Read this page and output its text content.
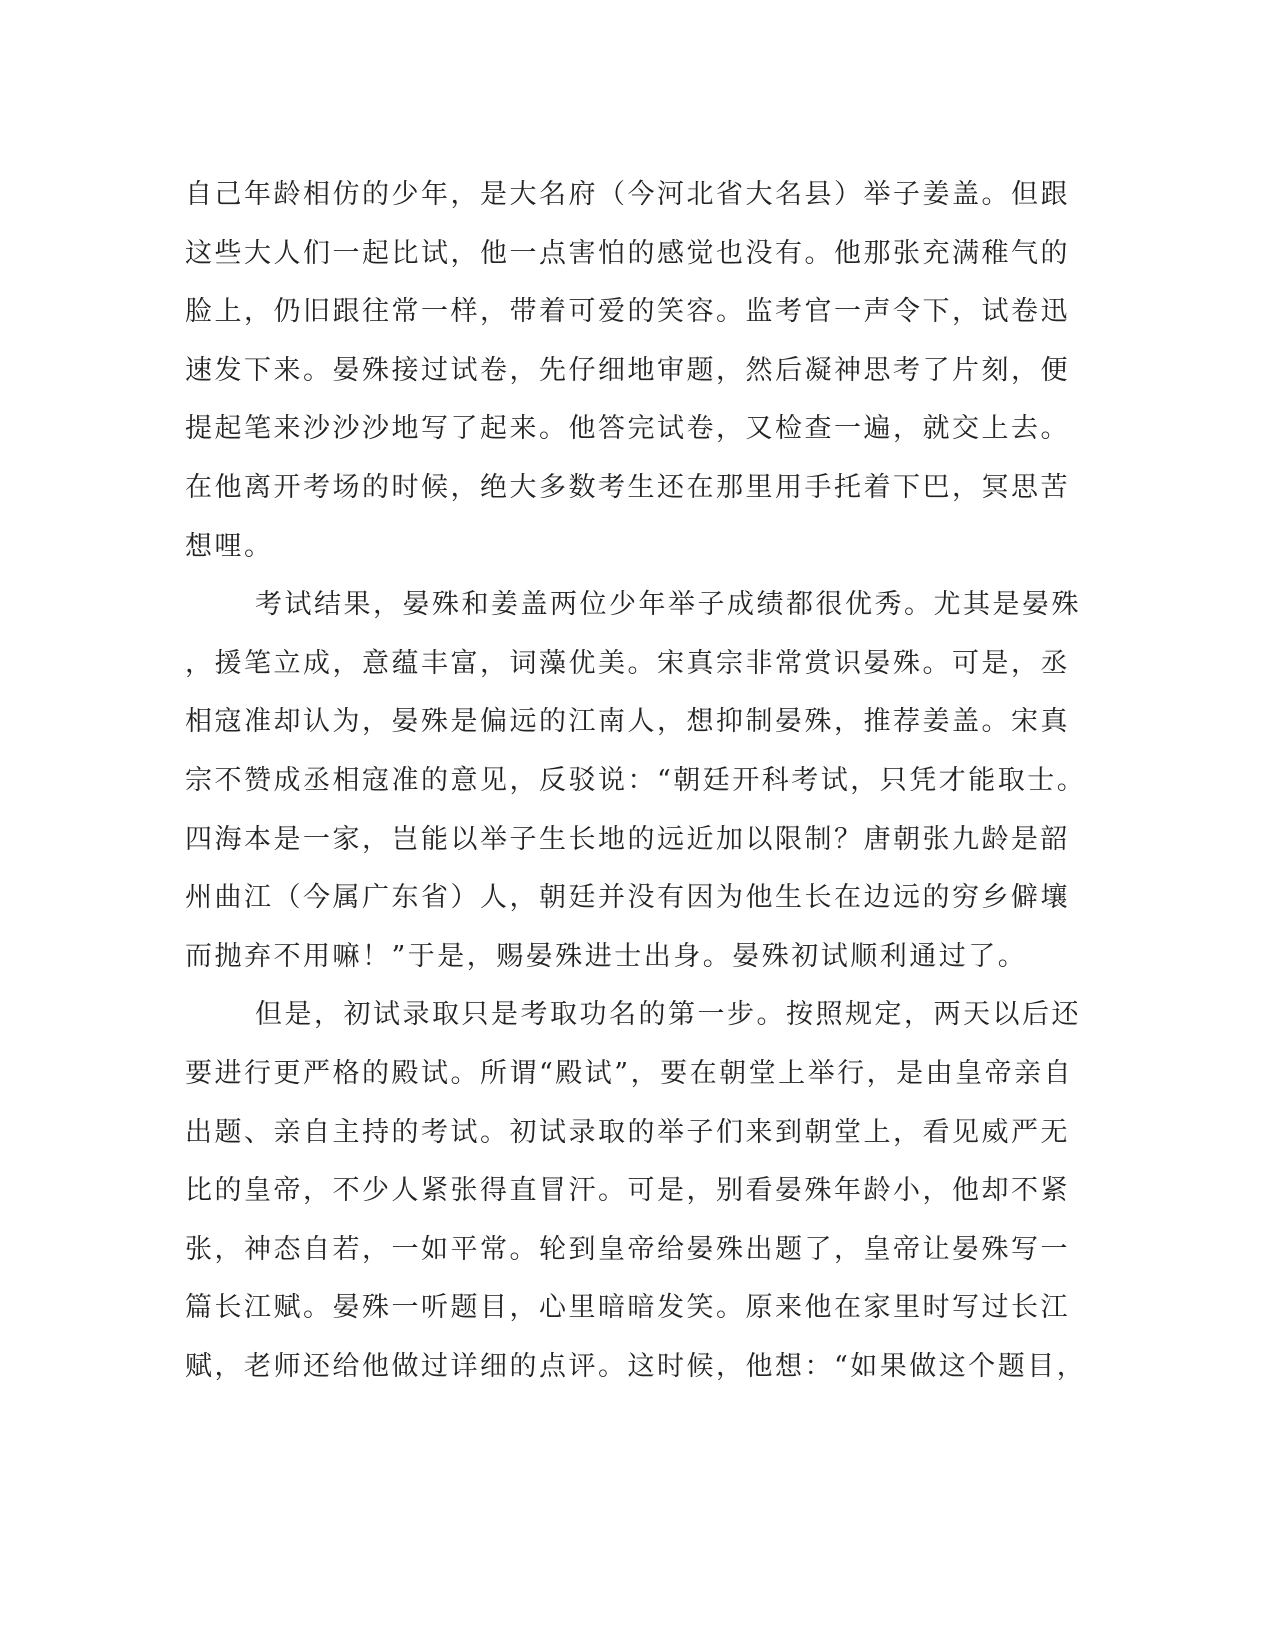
自己年龄相仿的少年，是大名府（今河北省大名县）举子姜盖。但跟
这些大人们一起比试，他一点害怕的感觉也没有。他那张充满稚气的
脸上，仍旧跟往常一样，带着可爱的笑容。监考官一声令下，试卷迅
速发下来。晏殊接过试卷，先仔细地审题，然后凝神思考了片刻，便
提起笔来沙沙沙地写了起来。他答完试卷，又检查一遍，就交上去。
在他离开考场的时候，绝大多数考生还在那里用手托着下巴，冥思苦
想哩。
考试结果，晏殊和姜盖两位少年举子成绩都很优秀。尤其是晏殊
，援笔立成，意蕴丰富，词藻优美。宋真宗非常赏识晏殊。可是，丞
相寇准却认为，晏殊是偏远的江南人，想抑制晏殊，推荐姜盖。宋真
宗不赞成丞相寇准的意见，反驳说：“朝廷开科考试，只凭才能取士。
四海本是一家，岂能以举子生长地的远近加以限制？唐朝张九龄是韶
州曲江（今属广东省）人，朝廷并没有因为他生长在边远的穷乡僻壤
而抛弃不用嘛！”于是，赐晏殊进士出身。晏殊初试顺利通过了。
但是，初试录取只是考取功名的第一步。按照规定，两天以后还
要进行更严格的殿试。所谓“殿试”，要在朝堂上举行，是由皇帝亲自
出题、亲自主持的考试。初试录取的举子们来到朝堂上，看见威严无
比的皇帝，不少人紧张得直冒汗。可是，别看晏殊年龄小，他却不紧
张，神态自若，一如平常。轮到皇帝给晏殊出题了，皇帝让晏殊写一
篇长江赋。晏殊一听题目，心里暗暗发笑。原来他在家里时写过长江
赋，老师还给他做过详细的点评。这时候，他想：“如果做这个题目，
